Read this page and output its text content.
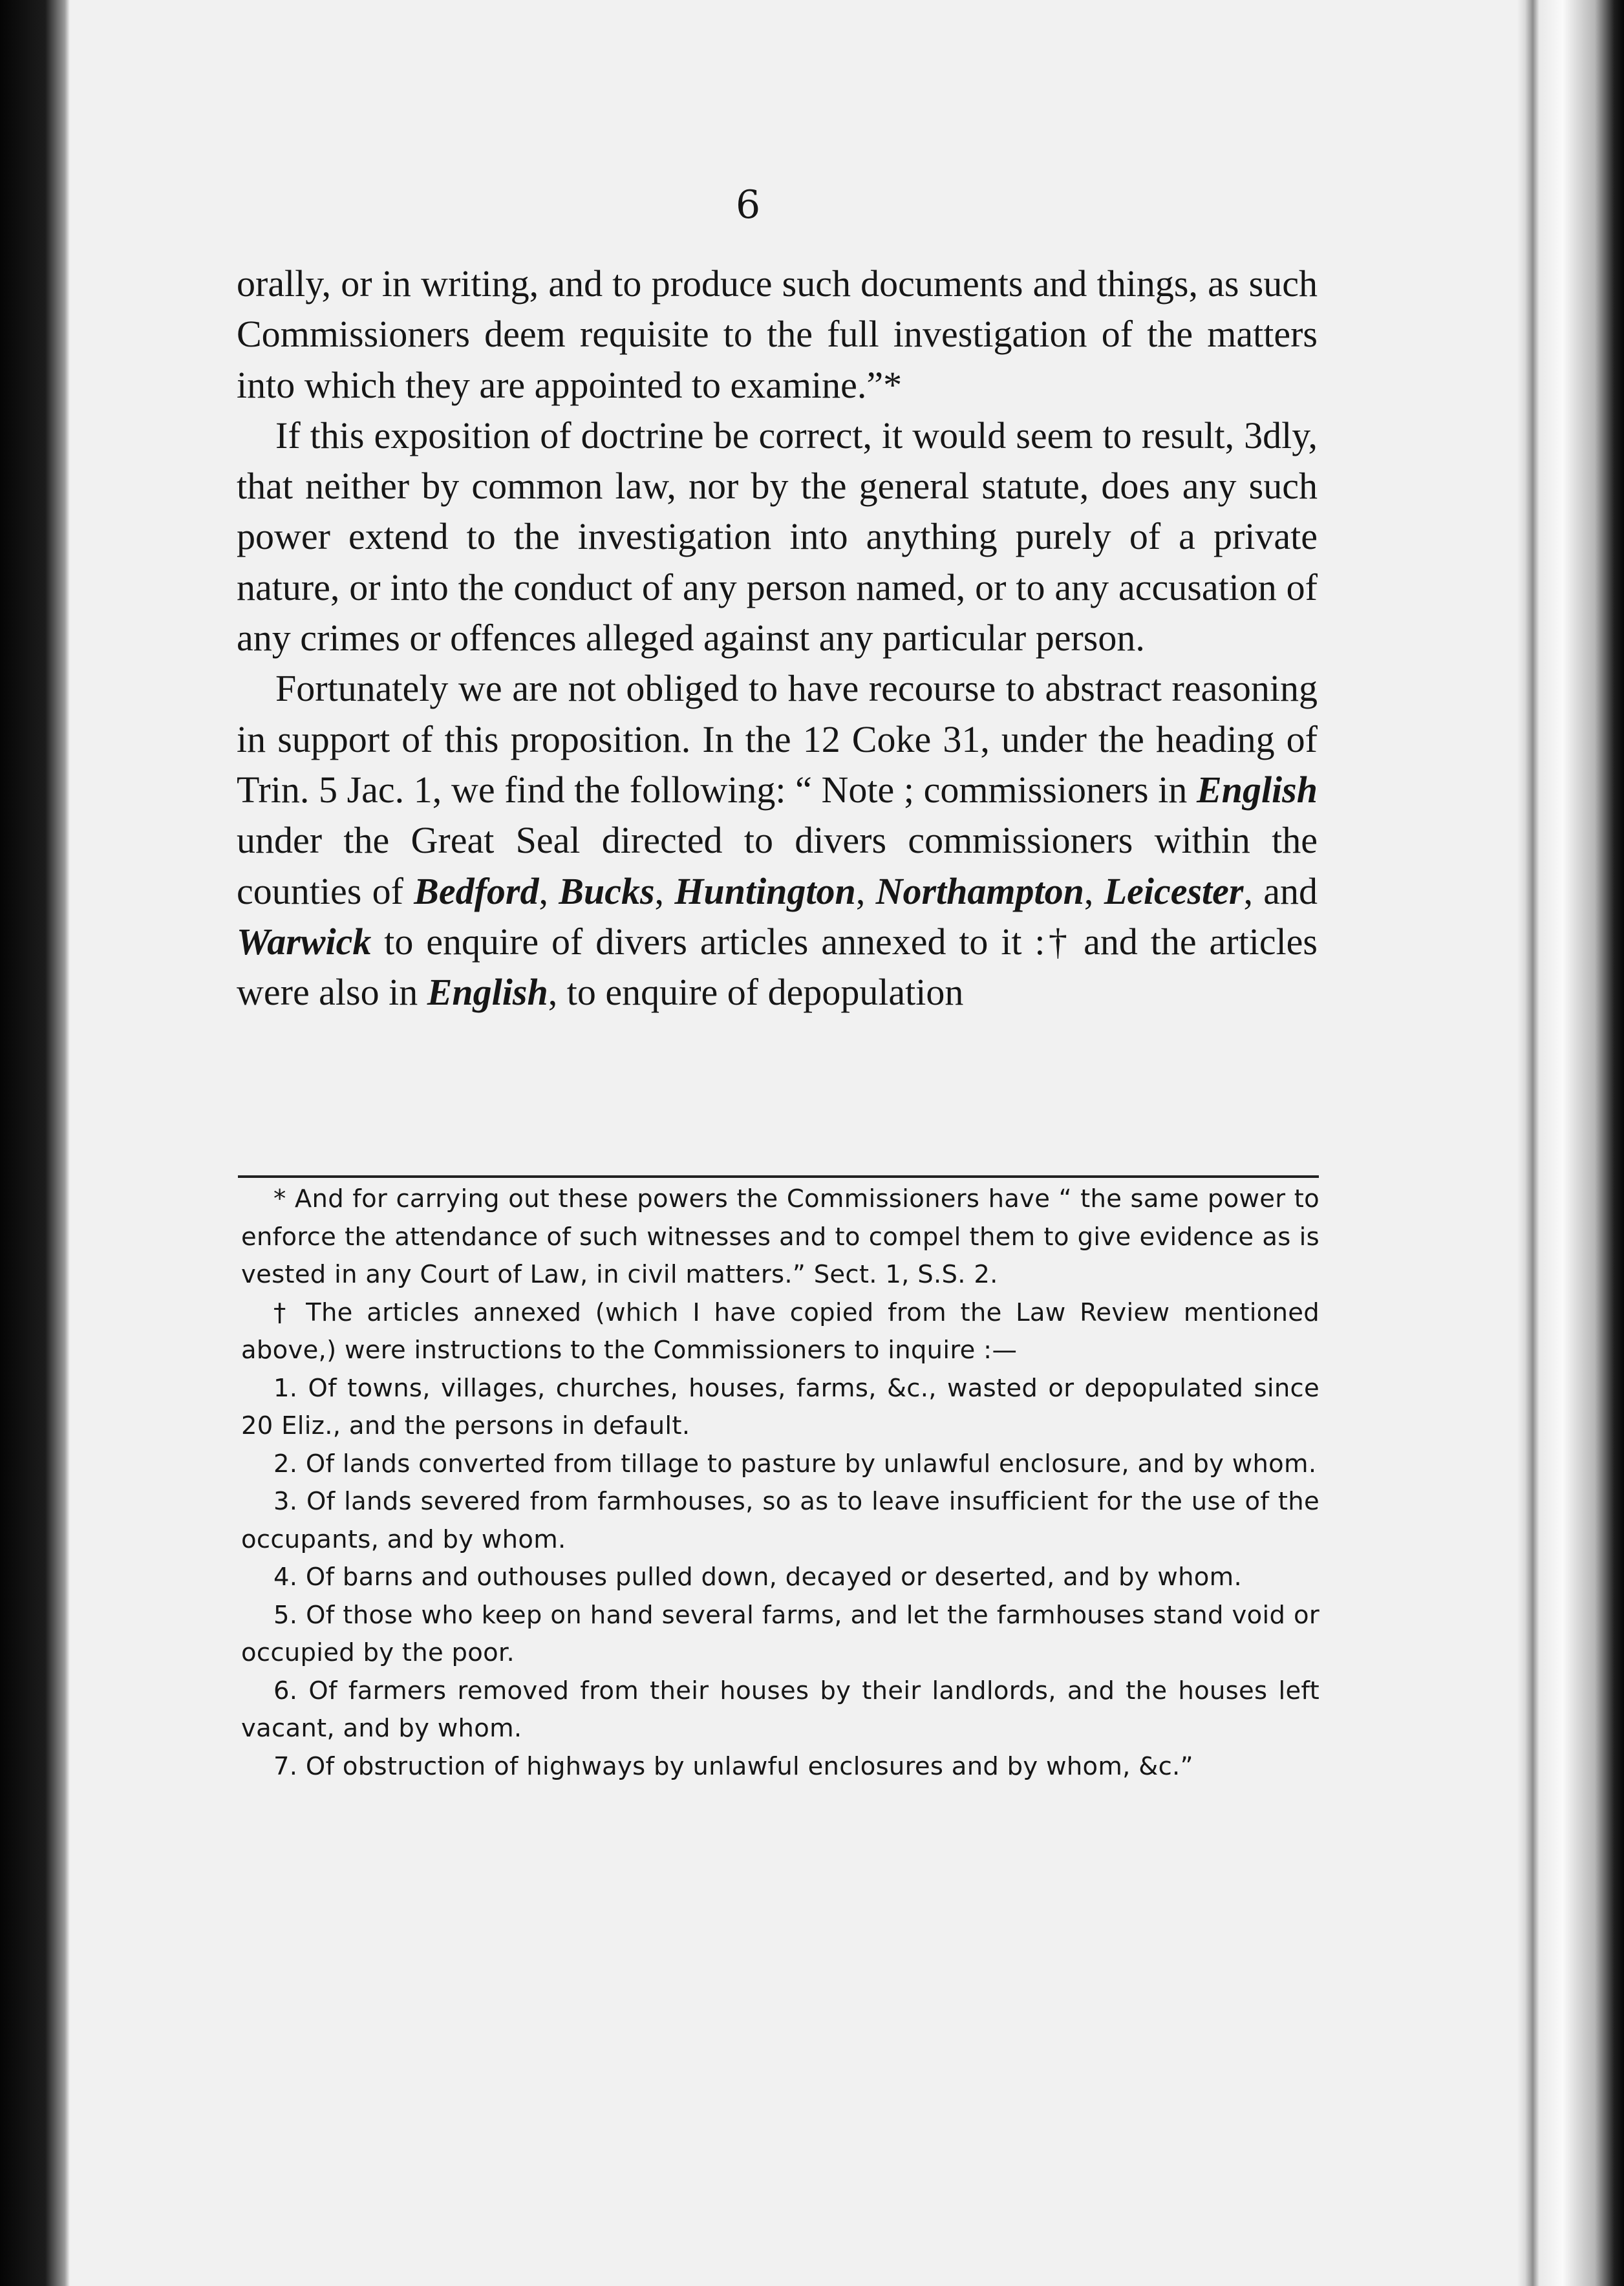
6

orally, or in writing, and to produce such documents and things, as such Commissioners deem requisite to the full investigation of the matters into which they are appointed to examine.”*

If this exposition of doctrine be correct, it would seem to result, 3dly, that neither by common law, nor by the general statute, does any such power extend to the investigation into anything purely of a private nature, or into the conduct of any person named, or to any accusation of any crimes or offences alleged against any particular person.

Fortunately we are not obliged to have recourse to abstract reasoning in support of this proposition. In the 12 Coke 31, under the heading of Trin. 5 Jac. 1, we find the following: “ Note ; commissioners in English under the Great Seal directed to divers commissioners within the counties of Bedford, Bucks, Huntington, Northampton, Leicester, and Warwick to enquire of divers articles annexed to it :† and the articles were also in English, to enquire of depopulation

* And for carrying out these powers the Commissioners have “ the same power to enforce the attendance of such witnesses and to compel them to give evidence as is vested in any Court of Law, in civil matters.” Sect. 1, S.S. 2.

† The articles annexed (which I have copied from the Law Review mentioned above,) were instructions to the Commissioners to inquire :—

1. Of towns, villages, churches, houses, farms, &c., wasted or depopulated since 20 Eliz., and the persons in default.

2. Of lands converted from tillage to pasture by unlawful enclosure, and by whom.

3. Of lands severed from farmhouses, so as to leave insufficient for the use of the occupants, and by whom.

4. Of barns and outhouses pulled down, decayed or deserted, and by whom.

5. Of those who keep on hand several farms, and let the farmhouses stand void or occupied by the poor.

6. Of farmers removed from their houses by their landlords, and the houses left vacant, and by whom.

7. Of obstruction of highways by unlawful enclosures and by whom, &c.”
